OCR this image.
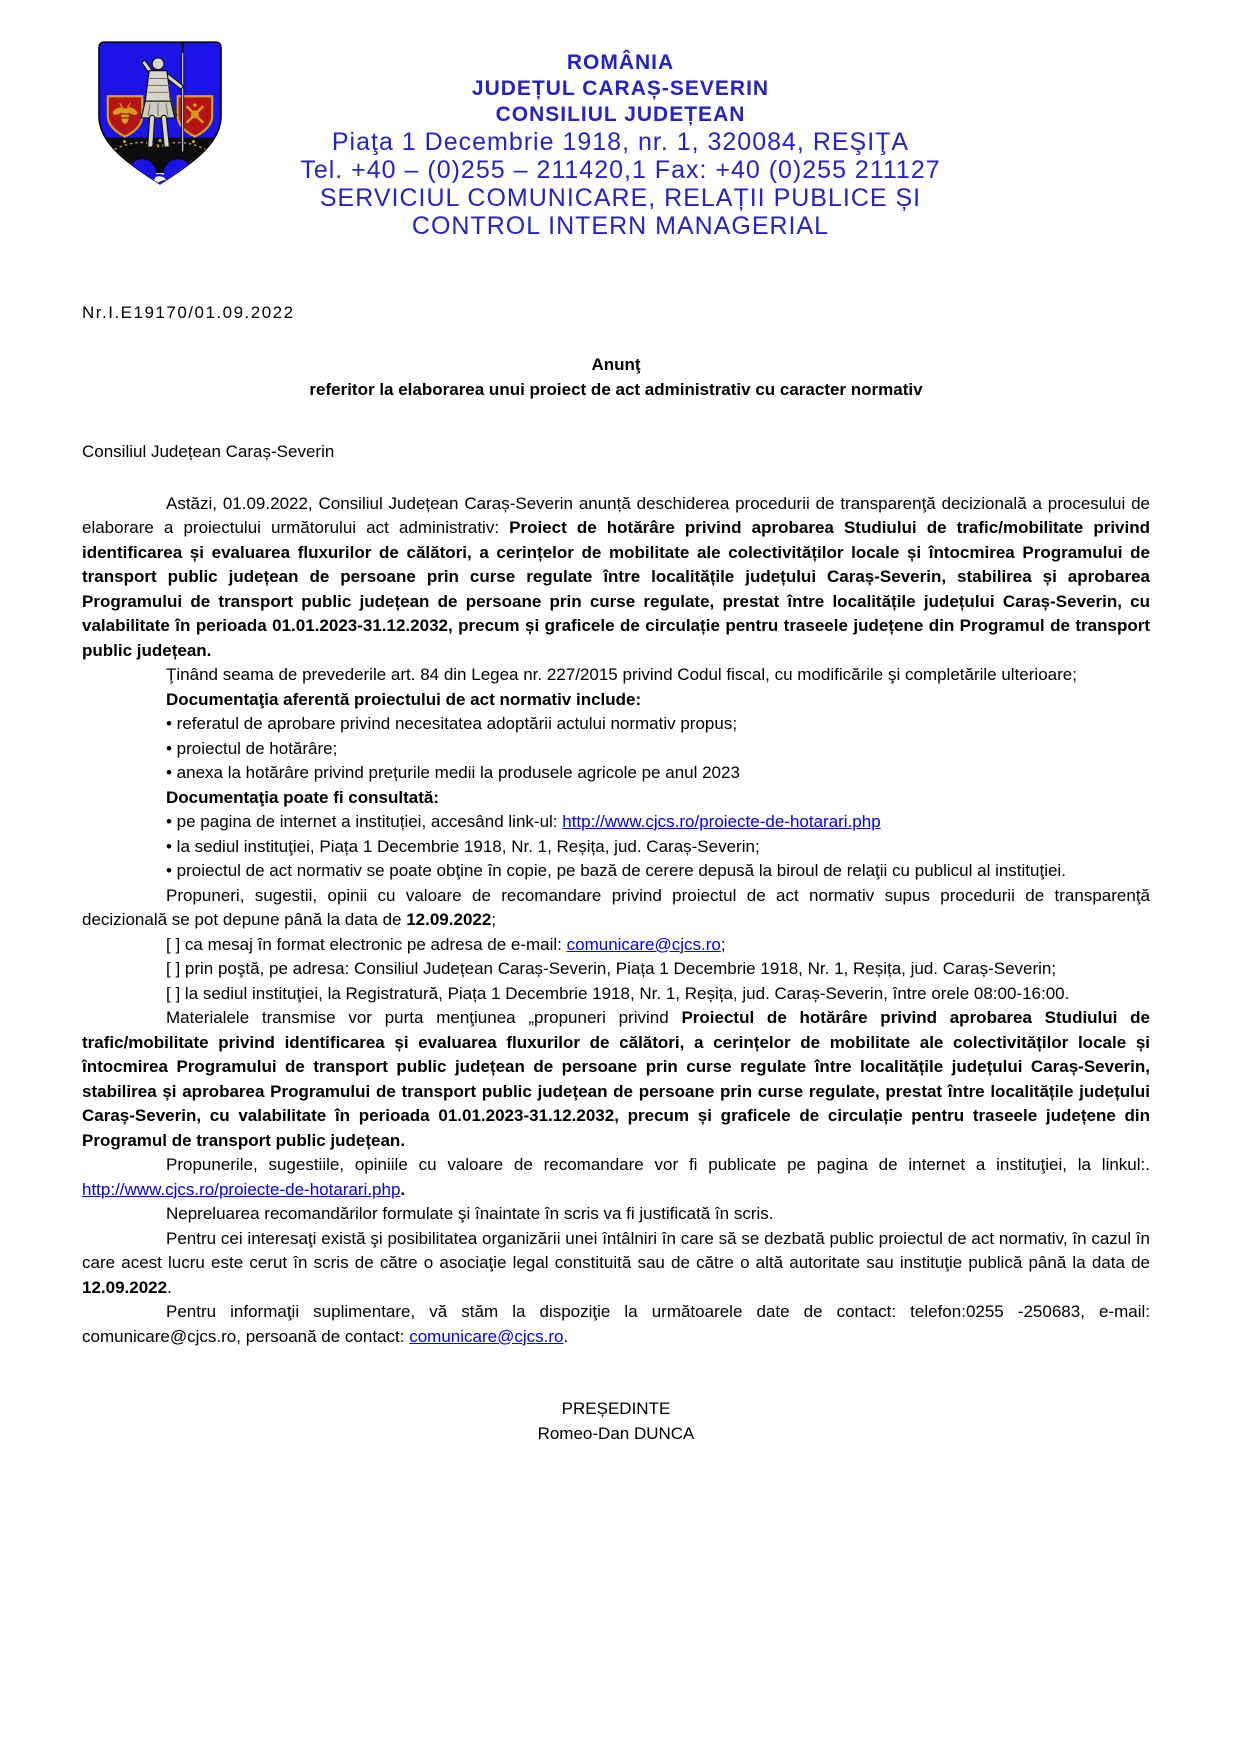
ROMÂNIA
JUDEȚUL CARAȘ-SEVERIN
CONSILIUL JUDEȚEAN
Piaţa 1 Decembrie 1918, nr. 1, 320084, REŞIŢA
Tel. +40 – (0)255 – 211420,1 Fax: +40 (0)255 211127
SERVICIUL COMUNICARE, RELAȚII PUBLICE ȘI
CONTROL INTERN MANAGERIAL
Nr.I.E19170/01.09.2022
Anunţ
referitor la elaborarea unui proiect de act administrativ cu caracter normativ
Consiliul Județean Caraș-Severin

Astăzi, 01.09.2022, Consiliul Județean Caraș-Severin anunță deschiderea procedurii de transparenţă decizională a procesului de elaborare a proiectului următorului act administrativ: Proiect de hotărâre privind aprobarea Studiului de trafic/mobilitate privind identificarea și evaluarea fluxurilor de călători, a cerințelor de mobilitate ale colectivităților locale și întocmirea Programului de transport public județean de persoane prin curse regulate între localitățile județului Caraș-Severin, stabilirea și aprobarea Programului de transport public județean de persoane prin curse regulate, prestat între localitățile județului Caraș-Severin, cu valabilitate în perioada 01.01.2023-31.12.2032, precum și graficele de circulație pentru traseele județene din Programul de transport public județean.

Ţinând seama de prevederile art. 84 din Legea nr. 227/2015 privind Codul fiscal, cu modificările şi completările ulterioare;

Documentaţia aferentă proiectului de act normativ include:

• referatul de aprobare privind necesitatea adoptării actului normativ propus;

• proiectul de hotărâre;

• anexa la hotărâre privind prețurile medii la produsele agricole pe anul 2023

Documentaţia poate fi consultată:

• pe pagina de internet a instituției, accesând link-ul: http://www.cjcs.ro/proiecte-de-hotarari.php

• la sediul instituţiei, Piața 1 Decembrie 1918, Nr. 1, Reșița, jud. Caraș-Severin;

• proiectul de act normativ se poate obţine în copie, pe bază de cerere depusă la biroul de relaţii cu publicul al instituţiei.

Propuneri, sugestii, opinii cu valoare de recomandare privind proiectul de act normativ supus procedurii de transparenţă decizională se pot depune până la data de 12.09.2022;

[ ] ca mesaj în format electronic pe adresa de e-mail: comunicare@cjcs.ro;

[ ] prin poştă, pe adresa: Consiliul Județean Caraș-Severin, Piața 1 Decembrie 1918, Nr. 1, Reșița, jud. Caraș-Severin;

[ ] la sediul instituţiei, la Registratură, Piața 1 Decembrie 1918, Nr. 1, Reșița, jud. Caraș-Severin, între orele 08:00-16:00.

Materialele transmise vor purta menţiunea „propuneri privind Proiectul de hotărâre privind aprobarea Studiului de trafic/mobilitate privind identificarea și evaluarea fluxurilor de călători, a cerințelor de mobilitate ale colectivităților locale și întocmirea Programului de transport public județean de persoane prin curse regulate între localitățile județului Caraș-Severin, stabilirea și aprobarea Programului de transport public județean de persoane prin curse regulate, prestat între localitățile județului Caraș-Severin, cu valabilitate în perioada 01.01.2023-31.12.2032, precum și graficele de circulație pentru traseele județene din Programul de transport public județean.

Propunerile, sugestiile, opiniile cu valoare de recomandare vor fi publicate pe pagina de internet a instituţiei, la linkul:. http://www.cjcs.ro/proiecte-de-hotarari.php.

Nepreluarea recomandărilor formulate şi înaintate în scris va fi justificată în scris.

Pentru cei interesaţi există şi posibilitatea organizării unei întâlniri în care să se dezbată public proiectul de act normativ, în cazul în care acest lucru este cerut în scris de către o asociaţie legal constituită sau de către o altă autoritate sau instituţie publică până la data de 12.09.2022.

Pentru informaţii suplimentare, vă stăm la dispoziţie la următoarele date de contact: telefon:0255 -250683, e-mail: comunicare@cjcs.ro, persoană de contact: comunicare@cjcs.ro.

PREȘEDINTE
Romeo-Dan DUNCA
